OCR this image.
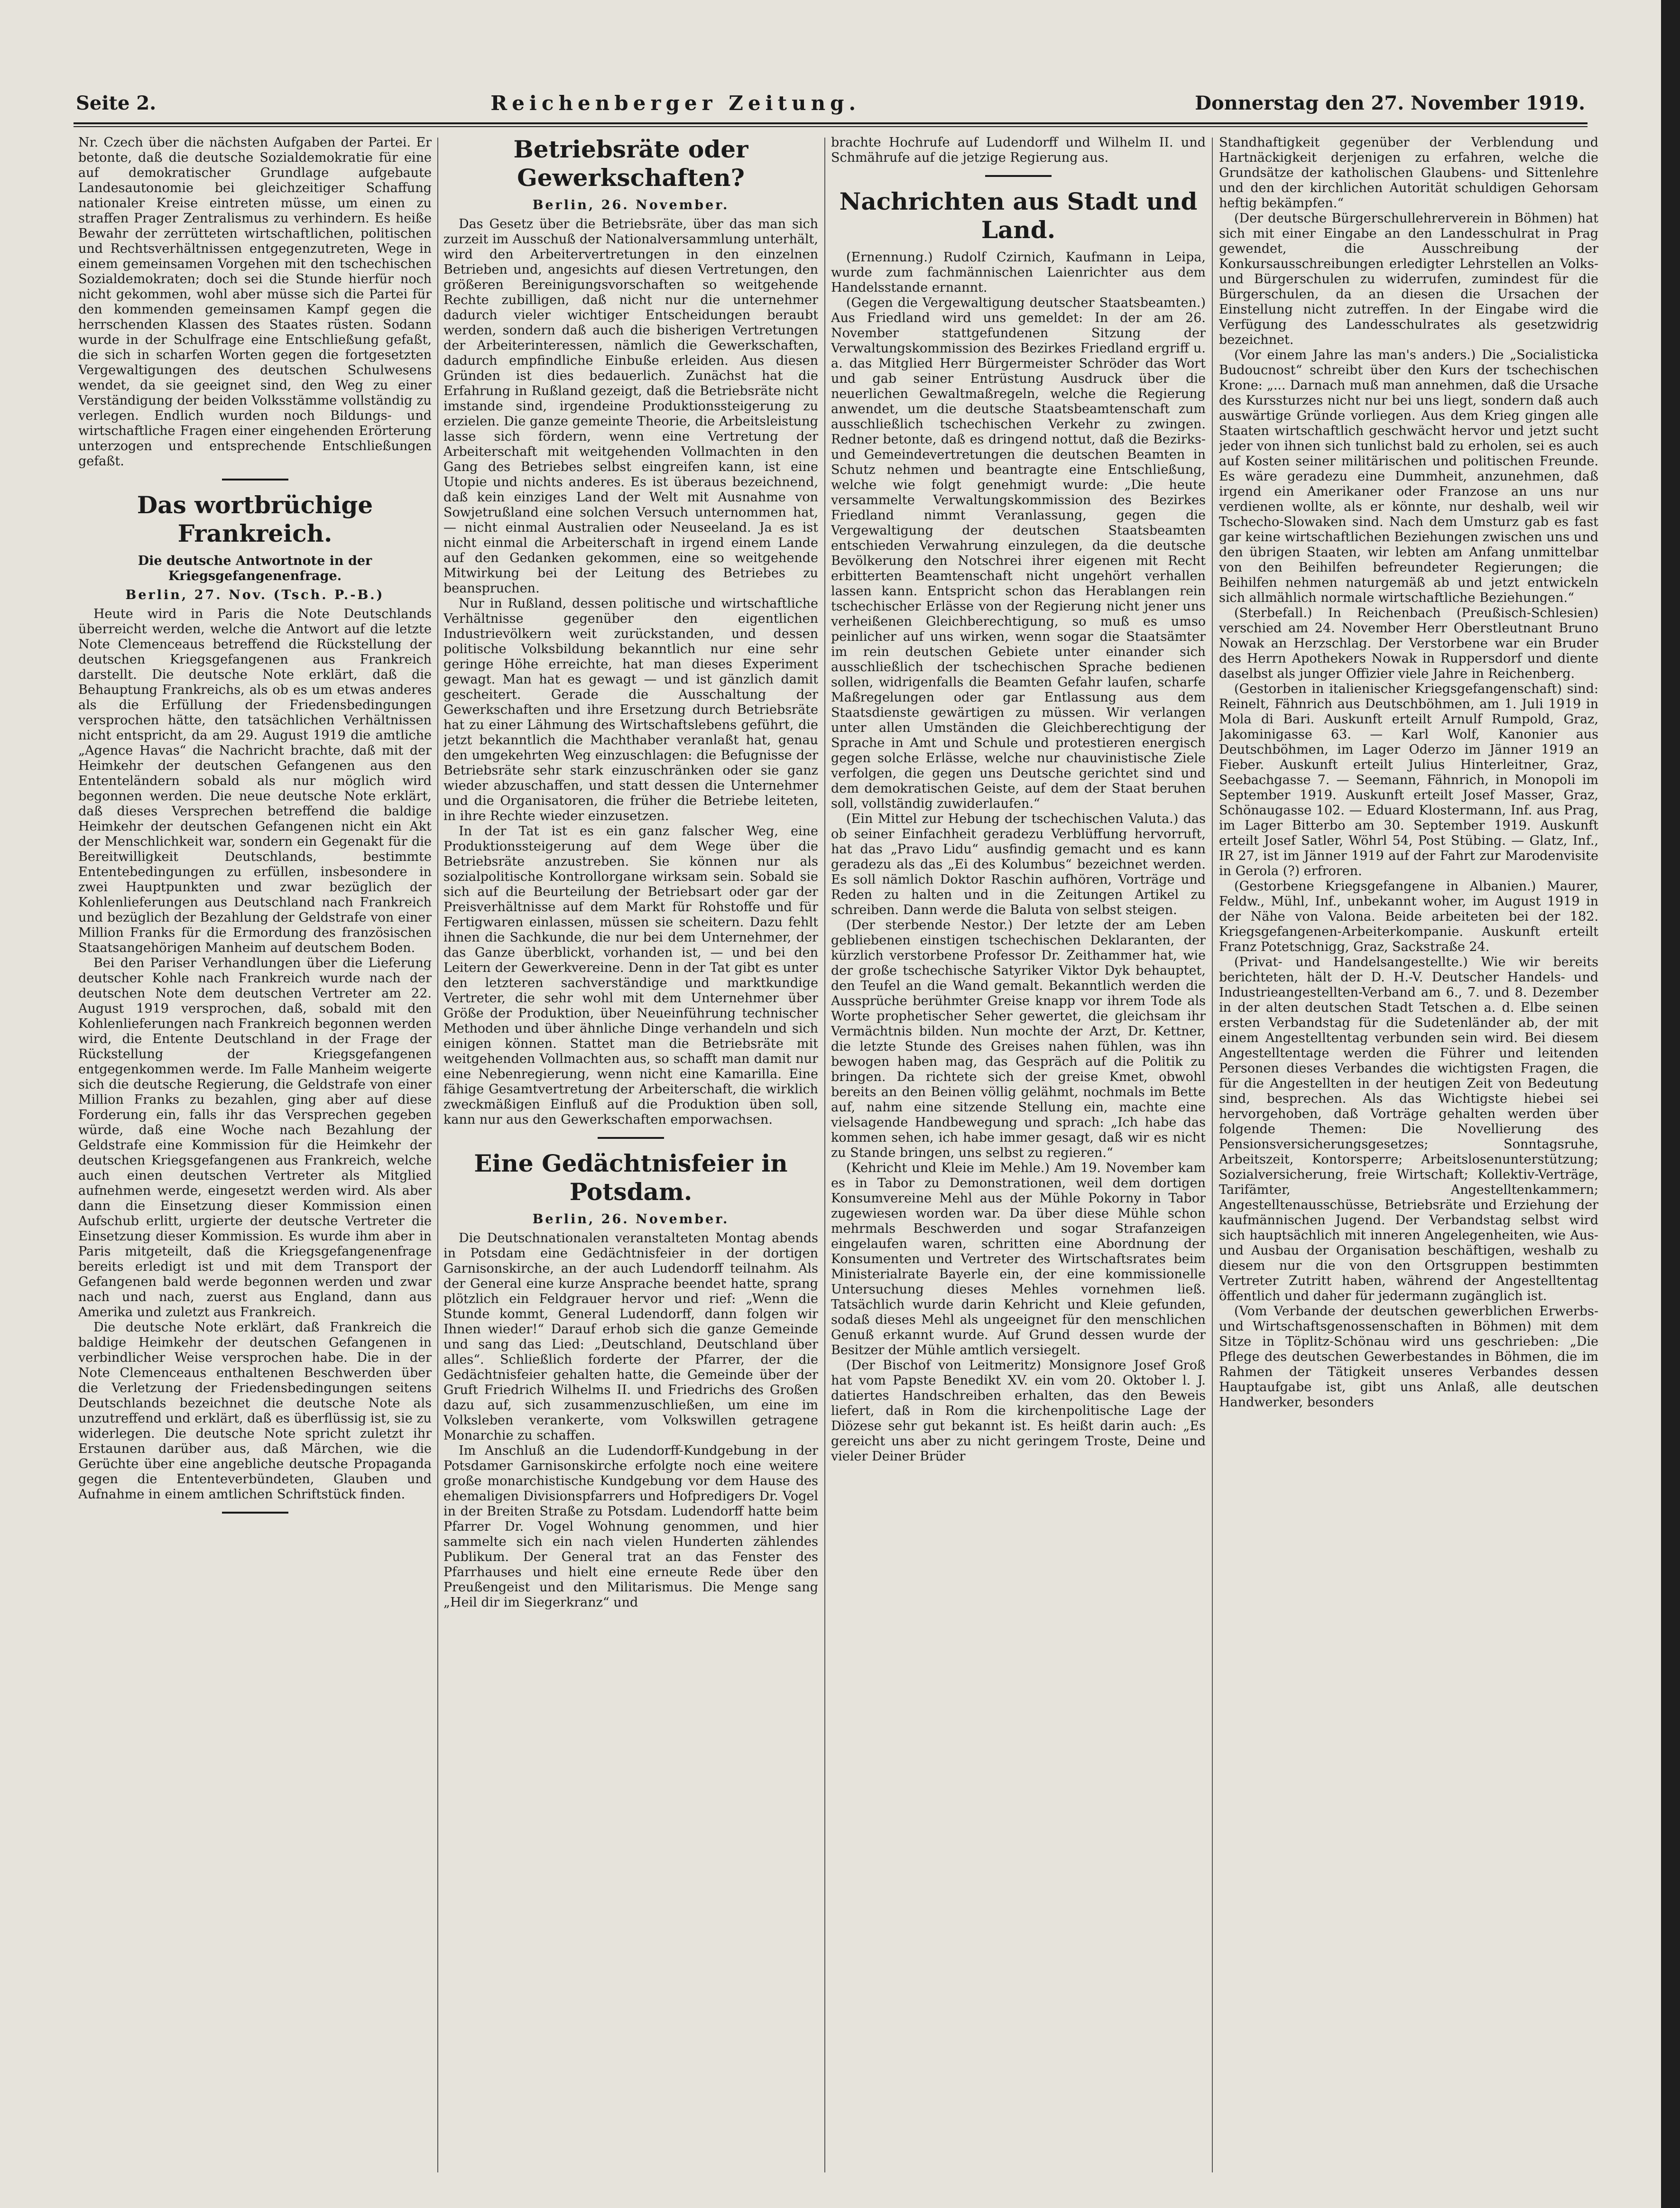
Seite 2.	Reichenberger Zeitung.	Donnerstag den 27. November 1919.

Nr. Czech über die nächsten Aufgaben der Partei. Er betonte, daß die deutsche Sozialdemokratie für eine auf demokratischer Grundlage aufgebaute Landesautonomie bei gleichzeitiger Schaffung nationaler Kreise eintreten müsse, um einen zu straffen Prager Zentralismus zu verhindern. Es heiße Bewahr der zerrütteten wirtschaftlichen, politischen und Rechtsverhältnissen entgegenzutreten, Wege in einem gemeinsamen Vorgehen mit den tschechischen Sozialdemokraten; doch sei die Stunde hierfür noch nicht gekommen, wohl aber müsse sich die Partei für den kommenden gemeinsamen Kampf gegen die herrschenden Klassen des Staates rüsten. Sodann wurde in der Schulfrage eine Entschließung gefaßt, die sich in scharfen Worten gegen die fortgesetzten Vergewaltigungen des deutschen Schulwesens wendet, da sie geeignet sind, den Weg zu einer Verständigung der beiden Volksstämme vollständig zu verlegen. Endlich wurden noch Bildungs- und wirtschaftliche Fragen einer eingehenden Erörterung unterzogen und entsprechende Entschließungen gefaßt.

Das wortbrüchige Frankreich.
Die deutsche Antwortnote in der Kriegsgefangenenfrage.
Berlin, 27. Nov. (Tsch. P.-B.)

Heute wird in Paris die Note Deutschlands überreicht werden, welche die Antwort auf die letzte Note Clemenceaus betreffend die Rückstellung der deutschen Kriegsgefangenen aus Frankreich darstellt. Die deutsche Note erklärt, daß die Behauptung Frankreichs, als ob es um etwas anderes als die Erfüllung der Friedensbedingungen versprochen hätte, den tatsächlichen Verhältnissen nicht entspricht, da am 29. August 1919 die amtliche „Agence Havas“ die Nachricht brachte, daß mit der Heimkehr der deutschen Gefangenen aus den Ententeländern sobald als nur möglich wird begonnen werden. Die neue deutsche Note erklärt, daß dieses Versprechen betreffend die baldige Heimkehr der deutschen Gefangenen nicht ein Akt der Menschlichkeit war, sondern ein Gegenakt für die Bereitwilligkeit Deutschlands, bestimmte Ententebedingungen zu erfüllen, insbesondere in zwei Hauptpunkten und zwar bezüglich der Kohlenlieferungen aus Deutschland nach Frankreich und bezüglich der Bezahlung der Geldstrafe von einer Million Franks für die Ermordung des französischen Staatsangehörigen Manheim auf deutschem Boden.

Bei den Pariser Verhandlungen über die Lieferung deutscher Kohle nach Frankreich wurde nach der deutschen Note dem deutschen Vertreter am 22. August 1919 versprochen, daß, sobald mit den Kohlenlieferungen nach Frankreich begonnen werden wird, die Entente Deutschland in der Frage der Rückstellung der Kriegsgefangenen entgegenkommen werde. Im Falle Manheim weigerte sich die deutsche Regierung, die Geldstrafe von einer Million Franks zu bezahlen, ging aber auf diese Forderung ein, falls ihr das Versprechen gegeben würde, daß eine Woche nach Bezahlung der Geldstrafe eine Kommission für die Heimkehr der deutschen Kriegsgefangenen aus Frankreich, welche auch einen deutschen Vertreter als Mitglied aufnehmen werde, eingesetzt werden wird. Als aber dann die Einsetzung dieser Kommission einen Aufschub erlitt, urgierte der deutsche Vertreter die Einsetzung dieser Kommission. Es wurde ihm aber in Paris mitgeteilt, daß die Kriegsgefangenenfrage bereits erledigt ist und mit dem Transport der Gefangenen bald werde begonnen werden und zwar nach und nach, zuerst aus England, dann aus Amerika und zuletzt aus Frankreich.

Die deutsche Note erklärt, daß Frankreich die baldige Heimkehr der deutschen Gefangenen in verbindlicher Weise versprochen habe. Die in der Note Clemenceaus enthaltenen Beschwerden über die Verletzung der Friedensbedingungen seitens Deutschlands bezeichnet die deutsche Note als unzutreffend und erklärt, daß es überflüssig ist, sie zu widerlegen. Die deutsche Note spricht zuletzt ihr Erstaunen darüber aus, daß Märchen, wie die Gerüchte über eine angebliche deutsche Propaganda gegen die Ententeverbündeten, Glauben und Aufnahme in einem amtlichen Schriftstück finden.

Betriebsräte oder Gewerkschaften?
Berlin, 26. November.

Das Gesetz über die Betriebsräte, über das man sich zurzeit im Ausschuß der Nationalversammlung unterhält, wird den Arbeitervertretungen in den einzelnen Betrieben und, angesichts auf diesen Vertretungen, den größeren Bereinigungsvorschaften so weitgehende Rechte zubilligen, daß nicht nur die unternehmer dadurch vieler wichtiger Entscheidungen beraubt werden, sondern daß auch die bisherigen Vertretungen der Arbeiterinteressen, nämlich die Gewerkschaften, dadurch empfindliche Einbuße erleiden. Aus diesen Gründen ist dies bedauerlich. Zunächst hat die Erfahrung in Rußland gezeigt, daß die Betriebsräte nicht imstande sind, irgendeine Produktionssteigerung zu erzielen. Die ganze gemeinte Theorie, die Arbeitsleistung lasse sich fördern, wenn eine Vertretung der Arbeiterschaft mit weitgehenden Vollmachten in den Gang des Betriebes selbst eingreifen kann, ist eine Utopie und nichts anderes. Es ist überaus bezeichnend, daß kein einziges Land der Welt mit Ausnahme von Sowjetrußland eine solchen Versuch unternommen hat, — nicht einmal Australien oder Neuseeland. Ja es ist nicht einmal die Arbeiterschaft in irgend einem Lande auf den Gedanken gekommen, eine so weitgehende Mitwirkung bei der Leitung des Betriebes zu beanspruchen.

Nur in Rußland, dessen politische und wirtschaftliche Verhältnisse gegenüber den eigentlichen Industrievölkern weit zurückstanden, und dessen politische Volksbildung bekanntlich nur eine sehr geringe Höhe erreichte, hat man dieses Experiment gewagt. Man hat es gewagt — und ist gänzlich damit gescheitert. Gerade die Ausschaltung der Gewerkschaften und ihre Ersetzung durch Betriebsräte hat zu einer Lähmung des Wirtschaftslebens geführt, die jetzt bekanntlich die Machthaber veranlaßt hat, genau den umgekehrten Weg einzuschlagen: die Befugnisse der Betriebsräte sehr stark einzuschränken oder sie ganz wieder abzuschaffen, und statt dessen die Unternehmer und die Organisatoren, die früher die Betriebe leiteten, in ihre Rechte wieder einzusetzen.

In der Tat ist es ein ganz falscher Weg, eine Produktionssteigerung auf dem Wege über die Betriebsräte anzustreben. Sie können nur als sozialpolitische Kontrollorgane wirksam sein. Sobald sie sich auf die Beurteilung der Betriebsart oder gar der Preisverhältnisse auf dem Markt für Rohstoffe und für Fertigwaren einlassen, müssen sie scheitern. Dazu fehlt ihnen die Sachkunde, die nur bei dem Unternehmer, der das Ganze überblickt, vorhanden ist, — und bei den Leitern der Gewerkvereine. Denn in der Tat gibt es unter den letzteren sachverständige und marktkundige Vertreter, die sehr wohl mit dem Unternehmer über Größe der Produktion, über Neueinführung technischer Methoden und über ähnliche Dinge verhandeln und sich einigen können. Stattet man die Betriebsräte mit weitgehenden Vollmachten aus, so schafft man damit nur eine Nebenregierung, wenn nicht eine Kamarilla. Eine fähige Gesamtvertretung der Arbeiterschaft, die wirklich zweckmäßigen Einfluß auf die Produktion üben soll, kann nur aus den Gewerkschaften emporwachsen.

Eine Gedächtnisfeier in Potsdam.
Berlin, 26. November.

Die Deutschnationalen veranstalteten Montag abends in Potsdam eine Gedächtnisfeier in der dortigen Garnisonskirche, an der auch Ludendorff teilnahm. Als der General eine kurze Ansprache beendet hatte, sprang plötzlich ein Feldgrauer hervor und rief: „Wenn die Stunde kommt, General Ludendorff, dann folgen wir Ihnen wieder!“ Darauf erhob sich die ganze Gemeinde und sang das Lied: „Deutschland, Deutschland über alles“. Schließlich forderte der Pfarrer, der die Gedächtnisfeier gehalten hatte, die Gemeinde über der Gruft Friedrich Wilhelms II. und Friedrichs des Großen dazu auf, sich zusammenzuschließen, um eine im Volksleben verankerte, vom Volkswillen getragene Monarchie zu schaffen.

Im Anschluß an die Ludendorff-Kundgebung in der Potsdamer Garnisonskirche erfolgte noch eine weitere große monarchistische Kundgebung vor dem Hause des ehemaligen Divisionspfarrers und Hofpredigers Dr. Vogel in der Breiten Straße zu Potsdam. Ludendorff hatte beim Pfarrer Dr. Vogel Wohnung genommen, und hier sammelte sich ein nach vielen Hunderten zählendes Publikum. Der General trat an das Fenster des Pfarrhauses und hielt eine erneute Rede über den Preußengeist und den Militarismus. Die Menge sang „Heil dir im Siegerkranz“ und

brachte Hochrufe auf Ludendorff und Wilhelm II. und Schmährufe auf die jetzige Regierung aus.

Nachrichten aus Stadt und Land.

(Ernennung.) Rudolf Czirnich, Kaufmann in Leipa, wurde zum fachmännischen Laienrichter aus dem Handelsstande ernannt.

(Gegen die Vergewaltigung deutscher Staatsbeamten.) Aus Friedland wird uns gemeldet: In der am 26. November stattgefundenen Sitzung der Verwaltungskommission des Bezirkes Friedland ergriff u. a. das Mitglied Herr Bürgermeister Schröder das Wort und gab seiner Entrüstung Ausdruck über die neuerlichen Gewaltmaßregeln, welche die Regierung anwendet, um die deutsche Staatsbeamtenschaft zum ausschließlich tschechischen Verkehr zu zwingen. Redner betonte, daß es dringend nottut, daß die Bezirks- und Gemeindevertretungen die deutschen Beamten in Schutz nehmen und beantragte eine Entschließung, welche wie folgt genehmigt wurde: „Die heute versammelte Verwaltungskommission des Bezirkes Friedland nimmt Veranlassung, gegen die Vergewaltigung der deutschen Staatsbeamten entschieden Verwahrung einzulegen, da die deutsche Bevölkerung den Notschrei ihrer eigenen mit Recht erbitterten Beamtenschaft nicht ungehört verhallen lassen kann. Entspricht schon das Herablangen rein tschechischer Erlässe von der Regierung nicht jener uns verheißenen Gleichberechtigung, so muß es umso peinlicher auf uns wirken, wenn sogar die Staatsämter im rein deutschen Gebiete unter einander sich ausschließlich der tschechischen Sprache bedienen sollen, widrigenfalls die Beamten Gefahr laufen, scharfe Maßregelungen oder gar Entlassung aus dem Staatsdienste gewärtigen zu müssen. Wir verlangen unter allen Umständen die Gleichberechtigung der Sprache in Amt und Schule und protestieren energisch gegen solche Erlässe, welche nur chauvinistische Ziele verfolgen, die gegen uns Deutsche gerichtet sind und dem demokratischen Geiste, auf dem der Staat beruhen soll, vollständig zuwiderlaufen.“

(Ein Mittel zur Hebung der tschechischen Valuta.) das ob seiner Einfachheit geradezu Verblüffung hervorruft, hat das „Pravo Lidu“ ausfindig gemacht und es kann geradezu als das „Ei des Kolumbus“ bezeichnet werden. Es soll nämlich Doktor Raschin aufhören, Vorträge und Reden zu halten und in die Zeitungen Artikel zu schreiben. Dann werde die Baluta von selbst steigen.

(Der sterbende Nestor.) Der letzte der am Leben gebliebenen einstigen tschechischen Deklaranten, der kürzlich verstorbene Professor Dr. Zeithammer hat, wie der große tschechische Satyriker Viktor Dyk behauptet, den Teufel an die Wand gemalt. Bekanntlich werden die Aussprüche berühmter Greise knapp vor ihrem Tode als Worte prophetischer Seher gewertet, die gleichsam ihr Vermächtnis bilden. Nun mochte der Arzt, Dr. Kettner, die letzte Stunde des Greises nahen fühlen, was ihn bewogen haben mag, das Gespräch auf die Politik zu bringen. Da richtete sich der greise Kmet, obwohl bereits an den Beinen völlig gelähmt, nochmals im Bette auf, nahm eine sitzende Stellung ein, machte eine vielsagende Handbewegung und sprach: „Ich habe das kommen sehen, ich habe immer gesagt, daß wir es nicht zu Stande bringen, uns selbst zu regieren.“

(Kehricht und Kleie im Mehle.) Am 19. November kam es in Tabor zu Demonstrationen, weil dem dortigen Konsumvereine Mehl aus der Mühle Pokorny in Tabor zugewiesen worden war. Da über diese Mühle schon mehrmals Beschwerden und sogar Strafanzeigen eingelaufen waren, schritten eine Abordnung der Konsumenten und Vertreter des Wirtschaftsrates beim Ministerialrate Bayerle ein, der eine kommissionelle Untersuchung dieses Mehles vornehmen ließ. Tatsächlich wurde darin Kehricht und Kleie gefunden, sodaß dieses Mehl als ungeeignet für den menschlichen Genuß erkannt wurde. Auf Grund dessen wurde der Besitzer der Mühle amtlich versiegelt.

(Der Bischof von Leitmeritz) Monsignore Josef Groß hat vom Papste Benedikt XV. ein vom 20. Oktober l. J. datiertes Handschreiben erhalten, das den Beweis liefert, daß in Rom die kirchenpolitische Lage der Diözese sehr gut bekannt ist. Es heißt darin auch: „Es gereicht uns aber zu nicht geringem Troste, Deine und vieler Deiner Brüder

Standhaftigkeit gegenüber der Verblendung und Hartnäckigkeit derjenigen zu erfahren, welche die Grundsätze der katholischen Glaubens- und Sittenlehre und den der kirchlichen Autorität schuldigen Gehorsam heftig bekämpfen.“

(Der deutsche Bürgerschullehrerverein in Böhmen) hat sich mit einer Eingabe an den Landesschulrat in Prag gewendet, die Ausschreibung der Konkursausschreibungen erledigter Lehrstellen an Volks- und Bürgerschulen zu widerrufen, zumindest für die Bürgerschulen, da an diesen die Ursachen der Einstellung nicht zutreffen. In der Eingabe wird die Verfügung des Landesschulrates als gesetzwidrig bezeichnet.

(Vor einem Jahre las man's anders.) Die „Socialisticka Budoucnost“ schreibt über den Kurs der tschechischen Krone: „... Darnach muß man annehmen, daß die Ursache des Kurssturzes nicht nur bei uns liegt, sondern daß auch auswärtige Gründe vorliegen. Aus dem Krieg gingen alle Staaten wirtschaftlich geschwächt hervor und jetzt sucht jeder von ihnen sich tunlichst bald zu erholen, sei es auch auf Kosten seiner militärischen und politischen Freunde. Es wäre geradezu eine Dummheit, anzunehmen, daß irgend ein Amerikaner oder Franzose an uns nur verdienen wollte, als er könnte, nur deshalb, weil wir Tschecho-Slowaken sind. Nach dem Umsturz gab es fast gar keine wirtschaftlichen Beziehungen zwischen uns und den übrigen Staaten, wir lebten am Anfang unmittelbar von den Beihilfen befreundeter Regierungen; die Beihilfen nehmen naturgemäß ab und jetzt entwickeln sich allmählich normale wirtschaftliche Beziehungen.“

(Sterbefall.) In Reichenbach (Preußisch-Schlesien) verschied am 24. November Herr Oberstleutnant Bruno Nowak an Herzschlag. Der Verstorbene war ein Bruder des Herrn Apothekers Nowak in Ruppersdorf und diente daselbst als junger Offizier viele Jahre in Reichenberg.

(Gestorben in italienischer Kriegsgefangenschaft) sind: Reinelt, Fähnrich aus Deutschböhmen, am 1. Juli 1919 in Mola di Bari. Auskunft erteilt Arnulf Rumpold, Graz, Jakominigasse 63. — Karl Wolf, Kanonier aus Deutschböhmen, im Lager Oderzo im Jänner 1919 an Fieber. Auskunft erteilt Julius Hinterleitner, Graz, Seebachgasse 7. — Seemann, Fähnrich, in Monopoli im September 1919. Auskunft erteilt Josef Masser, Graz, Schönaugasse 102. — Eduard Klostermann, Inf. aus Prag, im Lager Bitterbo am 30. September 1919. Auskunft erteilt Josef Satler, Wöhrl 54, Post Stübing. — Glatz, Inf., IR 27, ist im Jänner 1919 auf der Fahrt zur Marodenvisite in Gerola (?) erfroren.

(Gestorbene Kriegsgefangene in Albanien.) Maurer, Feldw., Mühl, Inf., unbekannt woher, im August 1919 in der Nähe von Valona. Beide arbeiteten bei der 182. Kriegsgefangenen-Arbeiterkompanie. Auskunft erteilt Franz Potetschnigg, Graz, Sackstraße 24.

(Privat- und Handelsangestellte.) Wie wir bereits berichteten, hält der D. H.-V. Deutscher Handels- und Industrieangestellten-Verband am 6., 7. und 8. Dezember in der alten deutschen Stadt Tetschen a. d. Elbe seinen ersten Verbandstag für die Sudetenländer ab, der mit einem Angestelltentag verbunden sein wird. Bei diesem Angestelltentage werden die Führer und leitenden Personen dieses Verbandes die wichtigsten Fragen, die für die Angestellten in der heutigen Zeit von Bedeutung sind, besprechen. Als das Wichtigste hiebei sei hervorgehoben, daß Vorträge gehalten werden über folgende Themen: Die Novellierung des Pensionsversicherungsgesetzes; Sonntagsruhe, Arbeitszeit, Kontorsperre; Arbeitslosenunterstützung; Sozialversicherung, freie Wirtschaft; Kollektiv-Verträge, Tarifämter, Angestelltenkammern; Angestelltenausschüsse, Betriebsräte und Erziehung der kaufmännischen Jugend. Der Verbandstag selbst wird sich hauptsächlich mit inneren Angelegenheiten, wie Aus- und Ausbau der Organisation beschäftigen, weshalb zu diesem nur die von den Ortsgruppen bestimmten Vertreter Zutritt haben, während der Angestelltentag öffentlich und daher für jedermann zugänglich ist.

(Vom Verbande der deutschen gewerblichen Erwerbs- und Wirtschaftsgenossenschaften in Böhmen) mit dem Sitze in Töplitz-Schönau wird uns geschrieben: „Die Pflege des deutschen Gewerbestandes in Böhmen, die im Rahmen der Tätigkeit unseres Verbandes dessen Hauptaufgabe ist, gibt uns Anlaß, alle deutschen Handwerker, besonders
